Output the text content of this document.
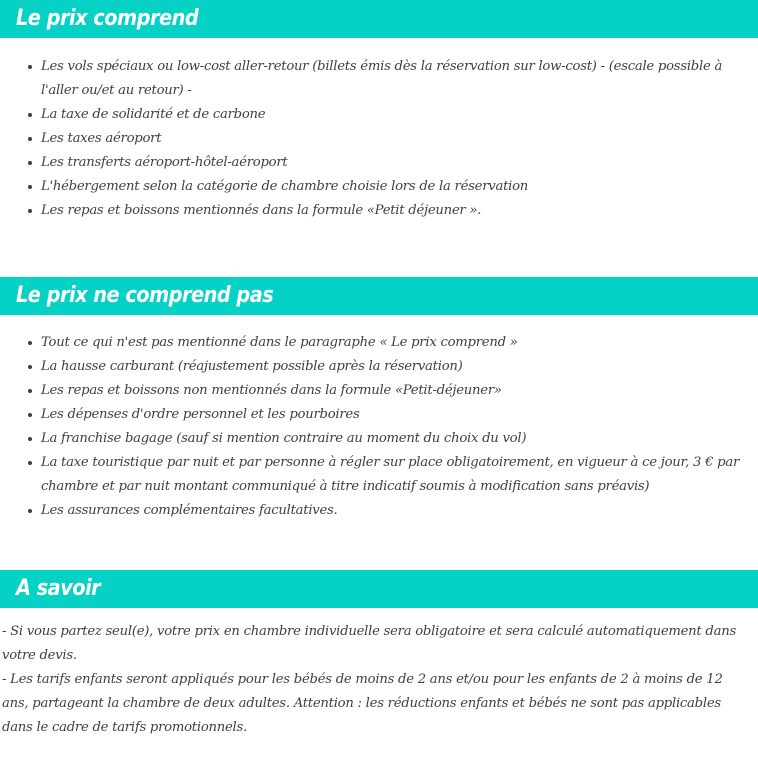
Le prix comprend
Les vols spéciaux ou low-cost aller-retour (billets émis dès la réservation sur low-cost) - (escale possible à l'aller ou/et au retour) -
La taxe de solidarité et de carbone
Les taxes aéroport
Les transferts aéroport-hôtel-aéroport
L'hébergement selon la catégorie de chambre choisie lors de la réservation
Les repas et boissons mentionnés dans la formule «Petit déjeuner ».
Le prix ne comprend pas
Tout ce qui n'est pas mentionné dans le paragraphe « Le prix comprend »
La hausse carburant (réajustement possible après la réservation)
Les repas et boissons non mentionnés dans la formule «Petit-déjeuner»
Les dépenses d'ordre personnel et les pourboires
La franchise bagage (sauf si mention contraire au moment du choix du vol)
La taxe touristique par nuit et par personne à régler sur place obligatoirement, en vigueur à ce jour, 3 € par chambre et par nuit montant communiqué à titre indicatif soumis à modification sans préavis)
Les assurances complémentaires facultatives.
A savoir

- Si vous partez seul(e), votre prix en chambre individuelle sera obligatoire et sera calculé automatiquement dans votre devis.

- Les tarifs enfants seront appliqués pour les bébés de moins de 2 ans et/ou pour les enfants de 2 à moins de 12 ans, partageant la chambre de deux adultes. Attention : les réductions enfants et bébés ne sont pas applicables dans le cadre de tarifs promotionnels.
